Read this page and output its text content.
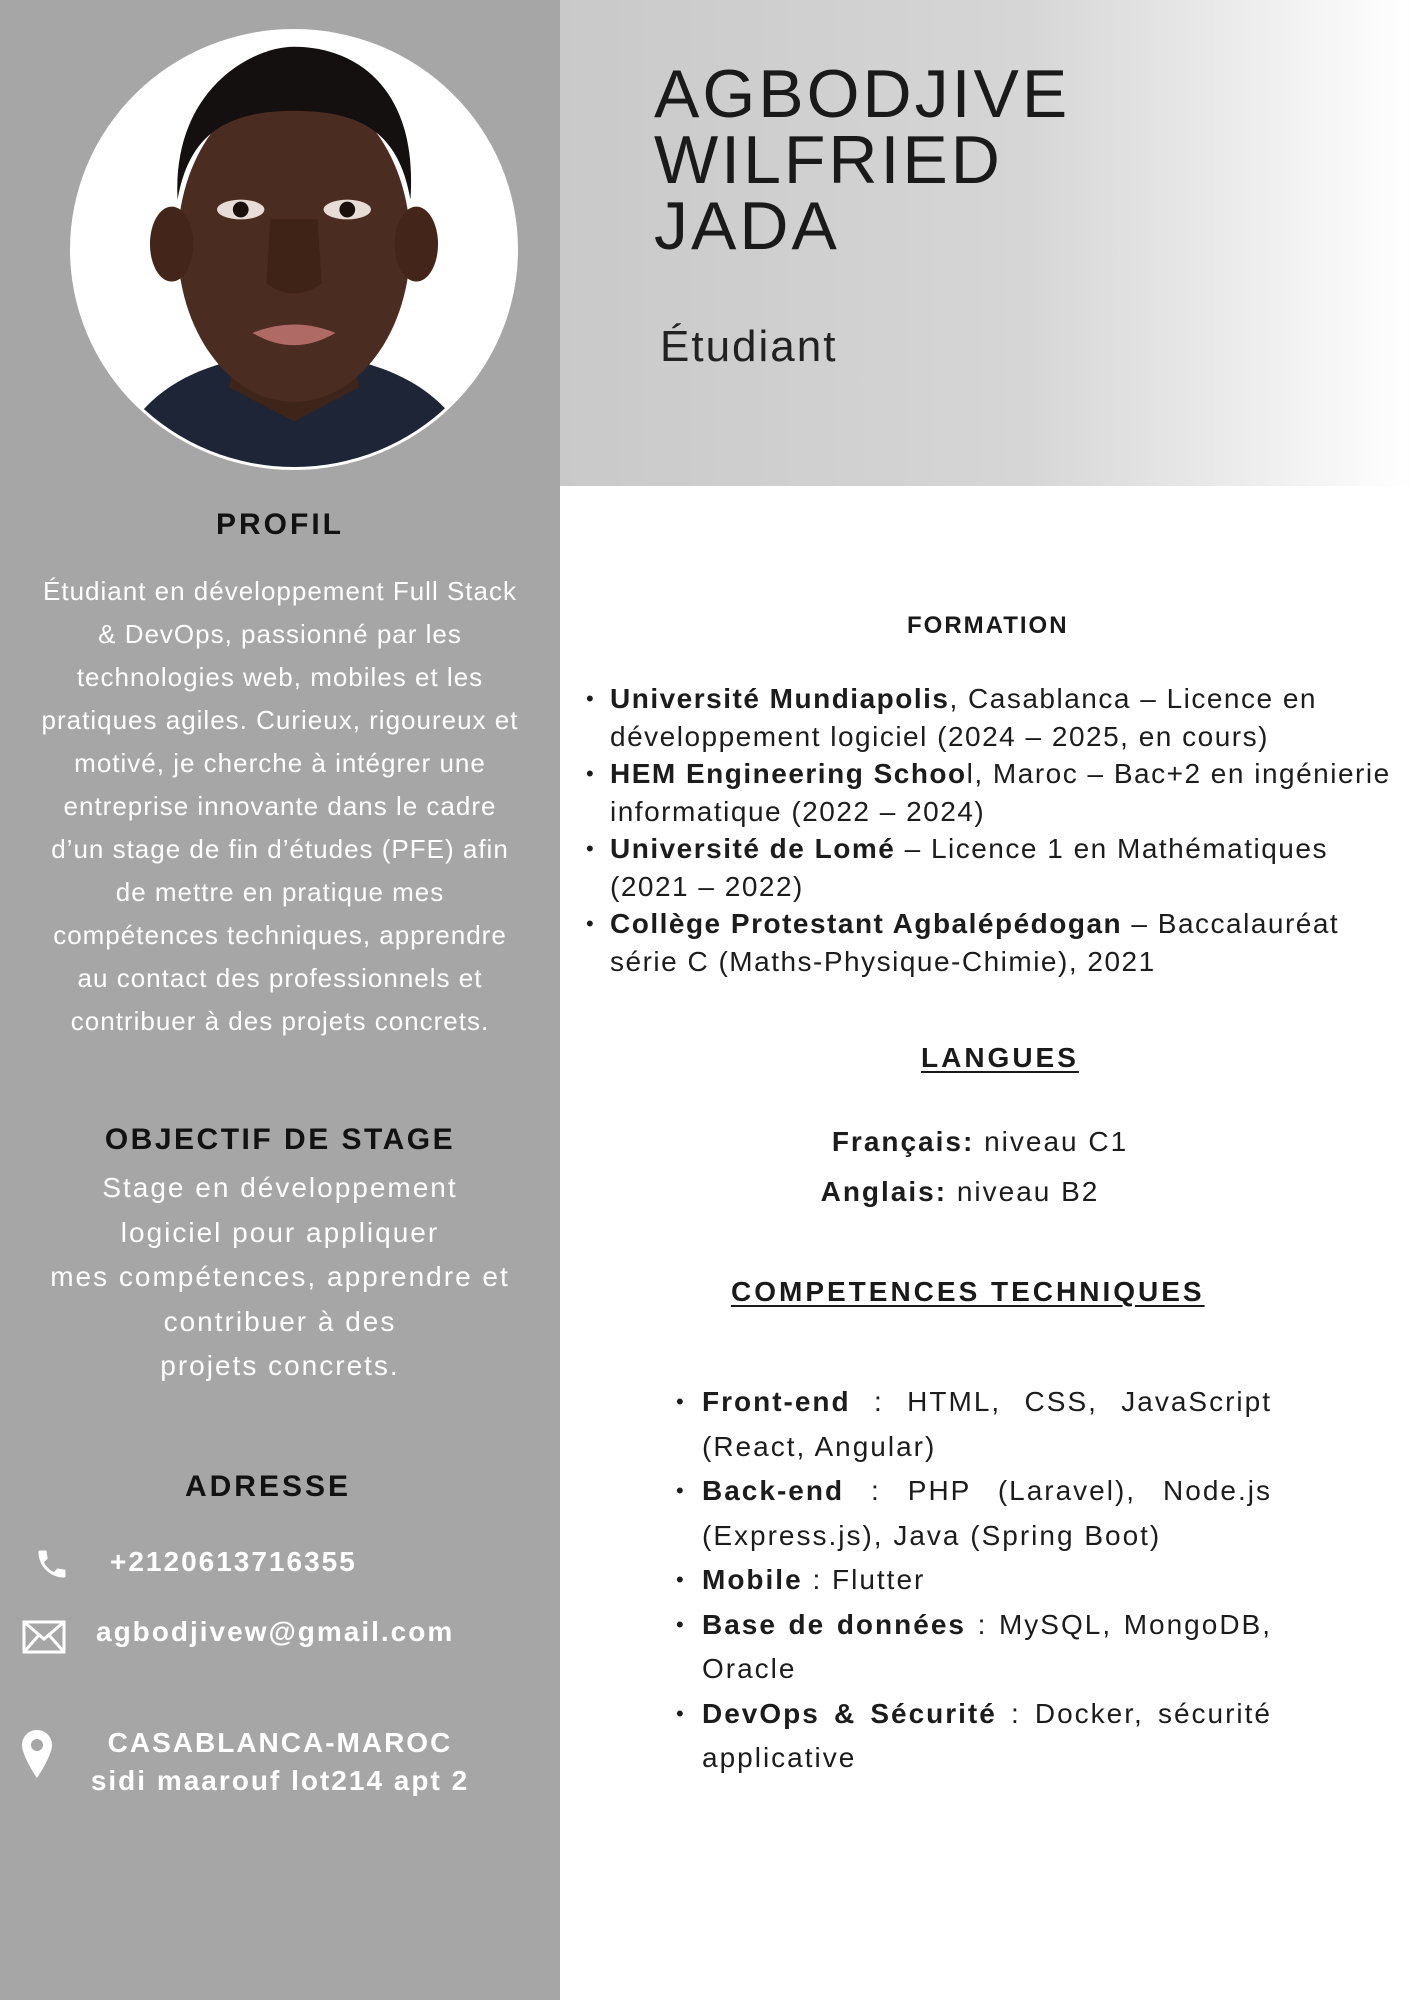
AGBODJIVE
WILFRIED
JADA
Étudiant
PROFIL
Étudiant en développement Full Stack & DevOps, passionné par les technologies web, mobiles et les pratiques agiles. Curieux, rigoureux et motivé, je cherche à intégrer une entreprise innovante dans le cadre d’un stage de fin d’études (PFE) afin de mettre en pratique mes compétences techniques, apprendre au contact des professionnels et contribuer à des projets concrets.
OBJECTIF DE STAGE
Stage en développement
logiciel pour appliquer
mes compétences, apprendre et
contribuer à des
projets concrets.
ADRESSE
+2120613716355
agbodjivew@gmail.com
CASABLANCA-MAROC
sidi maarouf lot214 apt 2
FORMATION
• Université Mundiapolis, Casablanca – Licence en développement logiciel (2024 – 2025, en cours)
• HEM Engineering School, Maroc – Bac+2 en ingénierie informatique (2022 – 2024)
• Université de Lomé – Licence 1 en Mathématiques (2021 – 2022)
• Collège Protestant Agbalépédogan – Baccalauréat série C (Maths-Physique-Chimie), 2021
LANGUES
Français: niveau C1
Anglais: niveau B2
COMPETENCES TECHNIQUES
• Front-end : HTML, CSS, JavaScript (React, Angular)
• Back-end : PHP (Laravel), Node.js (Express.js), Java (Spring Boot)
• Mobile : Flutter
• Base de données : MySQL, MongoDB, Oracle
• DevOps & Sécurité : Docker, sécurité applicative
